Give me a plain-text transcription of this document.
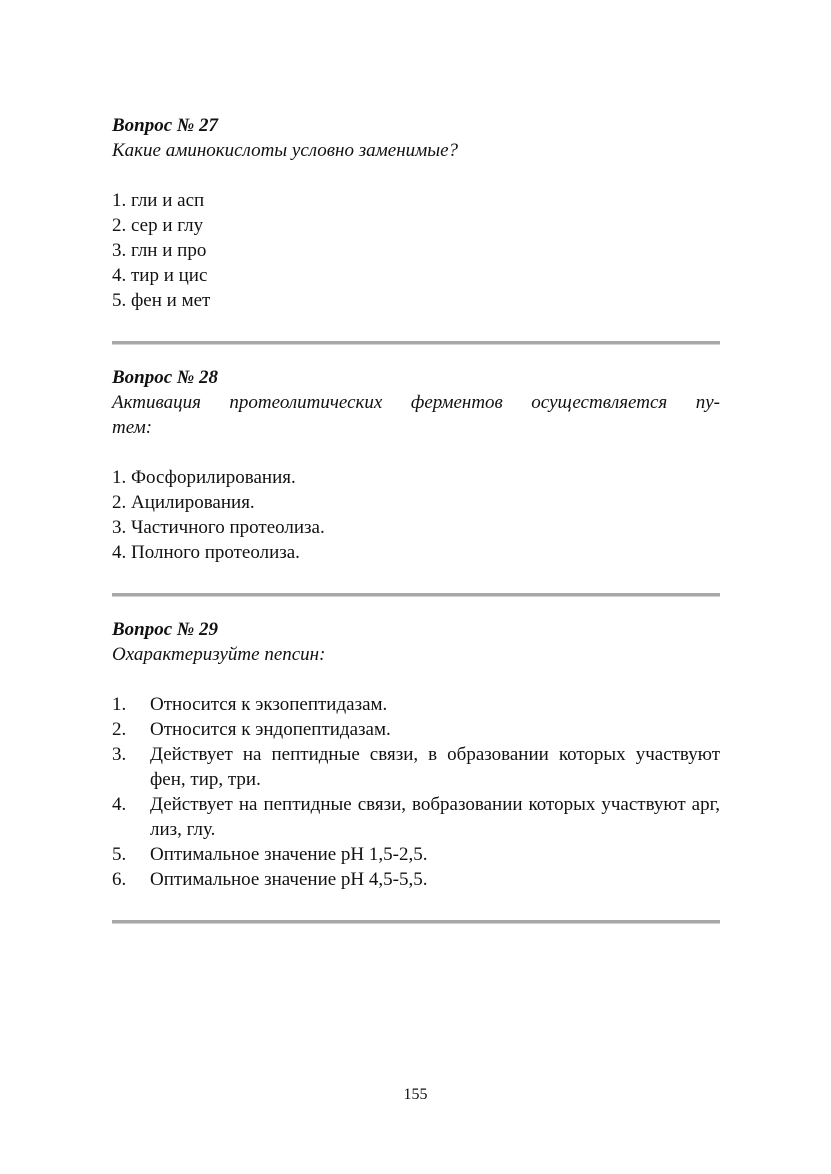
Вопрос № 27

Какие аминокислоты условно заменимые?

1. гли и асп
2. сер и глу
3. глн и про
4. тир и цис
5. фен и мет

Вопрос № 28

Активация протеолитических ферментов осуществляется пу-

тем:

1. Фосфорилирования.
2. Ацилирования.
3. Частичного протеолиза.
4. Полного протеолиза.

Вопрос № 29

Охарактеризуйте пепсин:

1.	Относится к экзопептидазам.
2.	Относится к эндопептидазам.
3.	Действует на пептидные связи, в образовании которых участвуют фен, тир, три.
4.	Действует на пептидные связи, вобразовании которых участвуют арг, лиз, глу.
5.	Оптимальное значение рН 1,5-2,5.
6.	Оптимальное значение рН 4,5-5,5.
155
